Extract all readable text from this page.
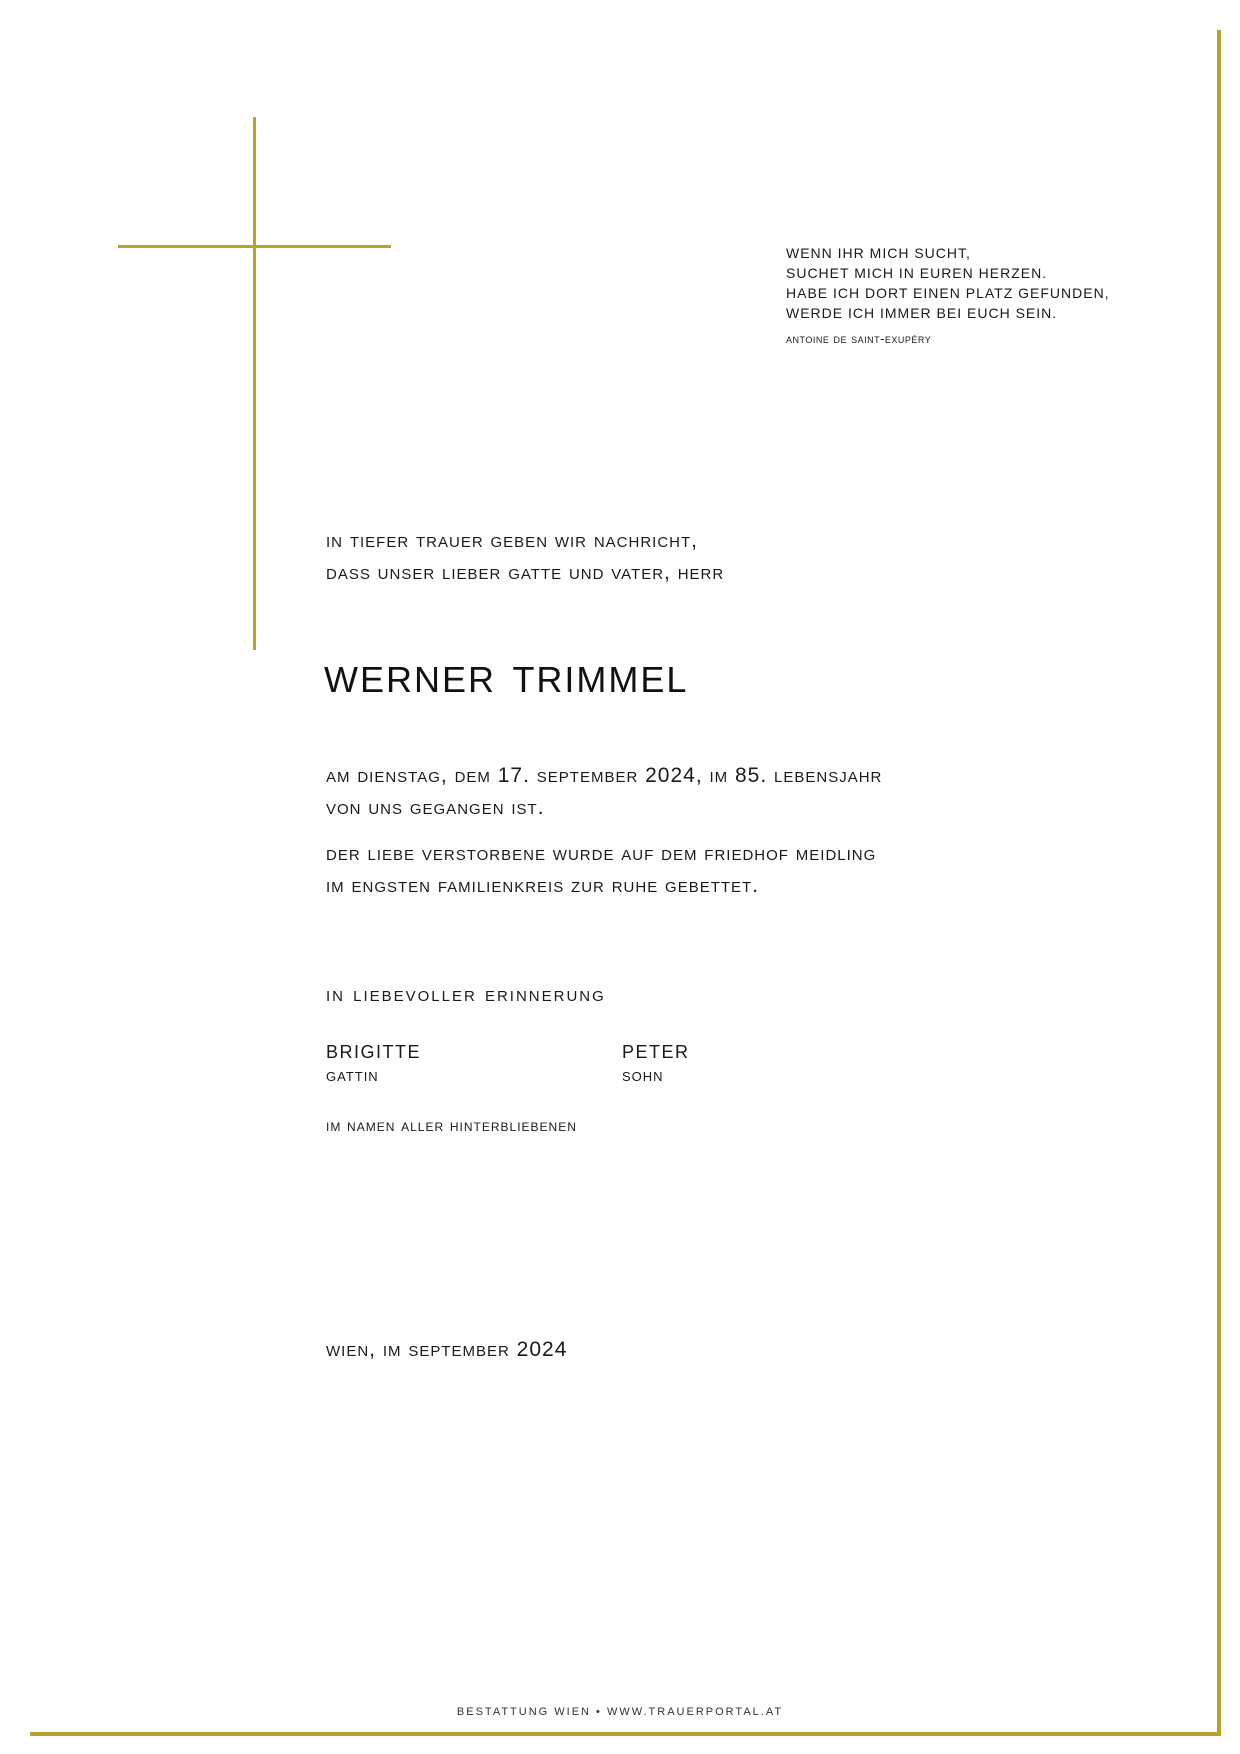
WENN IHR MICH SUCHT,
SUCHET MICH IN EUREN HERZEN.
HABE ICH DORT EINEN PLATZ GEFUNDEN,
WERDE ICH IMMER BEI EUCH SEIN.
antoine de saint-exupéry
in tiefer trauer geben wir nachricht,
dass unser lieber gatte und vater, herr
werner trimmel
am dienstag, dem 17. september 2024, im 85. lebensjahr
von uns gegangen ist.
der liebe verstorbene wurde auf dem friedhof meidling
im engsten familienkreis zur ruhe gebettet.
in liebevoller erinnerung
brigitte
gattin
peter
sohn
im namen aller hinterbliebenen
wien, im september 2024
BESTATTUNG WIEN • WWW.TRAUERPORTAL.AT
